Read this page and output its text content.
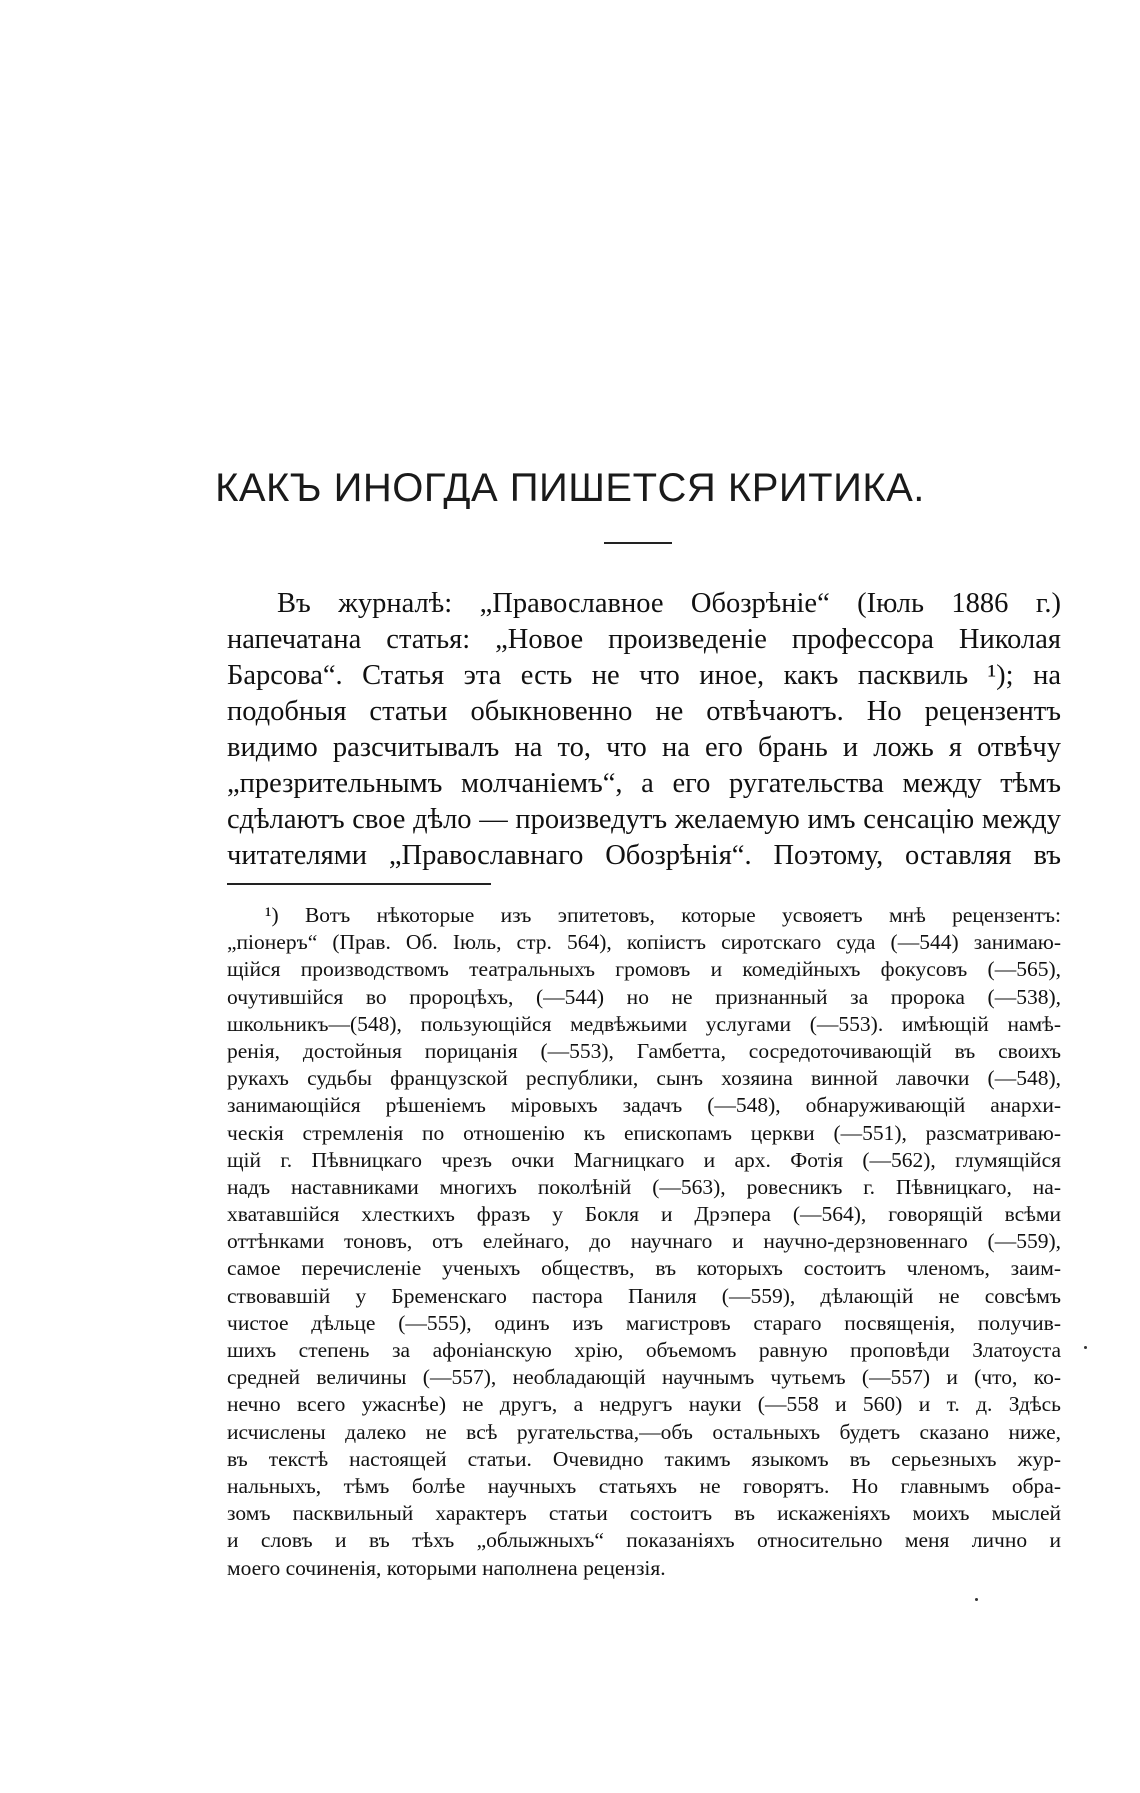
КАКЪ ИНОГДА ПИШЕТСЯ КРИТИКА.
Въ журналѣ: „Православное Обозрѣніе“ (Іюль 1886 г.)
напечатана статья: „Новое произведеніе профессора Николая
Барсова“. Статья эта есть не что иное, какъ пасквиль ¹); на
подобныя статьи обыкновенно не отвѣчаютъ. Но рецензентъ
видимо разсчитывалъ на то, что на его брань и ложь я отвѣчу
„презрительнымъ молчаніемъ“, а его ругательства между тѣмъ
сдѣлаютъ свое дѣло — произведутъ желаемую имъ сенсацію между
читателями „Православнаго Обозрѣнія“. Поэтому, оставляя въ
¹) Вотъ нѣкоторые изъ эпитетовъ, которые усвояетъ мнѣ рецензентъ:
„піонеръ“ (Прав. Об. Іюль, стр. 564), копіистъ сиротскаго суда (—544) занимаю-
щійся производствомъ театральныхъ громовъ и комедійныхъ фокусовъ (—565),
очутившійся во пророцѣхъ, (—544) но не признанный за пророка (—538),
школьникъ—(548), пользующійся медвѣжьими услугами (—553). имѣющій намѣ-
ренія, достойныя порицанія (—553), Гамбетта, сосредоточивающій въ своихъ
рукахъ судьбы французской республики, сынъ хозяина винной лавочки (—548),
занимающійся рѣшеніемъ міровыхъ задачъ (—548), обнаруживающій анархи-
ческія стремленія по отношенію къ епископамъ церкви (—551), разсматриваю-
щій г. Пѣвницкаго чрезъ очки Магницкаго и арх. Фотія (—562), глумящійся
надъ наставниками многихъ поколѣній (—563), ровесникъ г. Пѣвницкаго, на-
хватавшійся хлесткихъ фразъ у Бокля и Дрэпера (—564), говорящій всѣми
оттѣнками тоновъ, отъ елейнаго, до научнаго и научно-дерзновеннаго (—559),
самое перечисленіе ученыхъ обществъ, въ которыхъ состоитъ членомъ, заим-
ствовавшій у Бременскаго пастора Паниля (—559), дѣлающій не совсѣмъ
чистое дѣльце (—555), одинъ изъ магистровъ стараго посвященія, получив-
шихъ степень за афоніанскую хрію, объемомъ равную проповѣди Златоуста
средней величины (—557), необладающій научнымъ чутьемъ (—557) и (что, ко-
нечно всего ужаснѣе) не другъ, а недругъ науки (—558 и 560) и т. д. Здѣсь
исчислены далеко не всѣ ругательства,—объ остальныхъ будетъ сказано ниже,
въ текстѣ настоящей статьи. Очевидно такимъ языкомъ въ серьезныхъ жур-
нальныхъ, тѣмъ болѣе научныхъ статьяхъ не говорятъ. Но главнымъ обра-
зомъ пасквильный характеръ статьи состоитъ въ искаженіяхъ моихъ мыслей
и словъ и въ тѣхъ „облыжныхъ“ показаніяхъ относительно меня лично и
моего сочиненія, которыми наполнена рецензія.
